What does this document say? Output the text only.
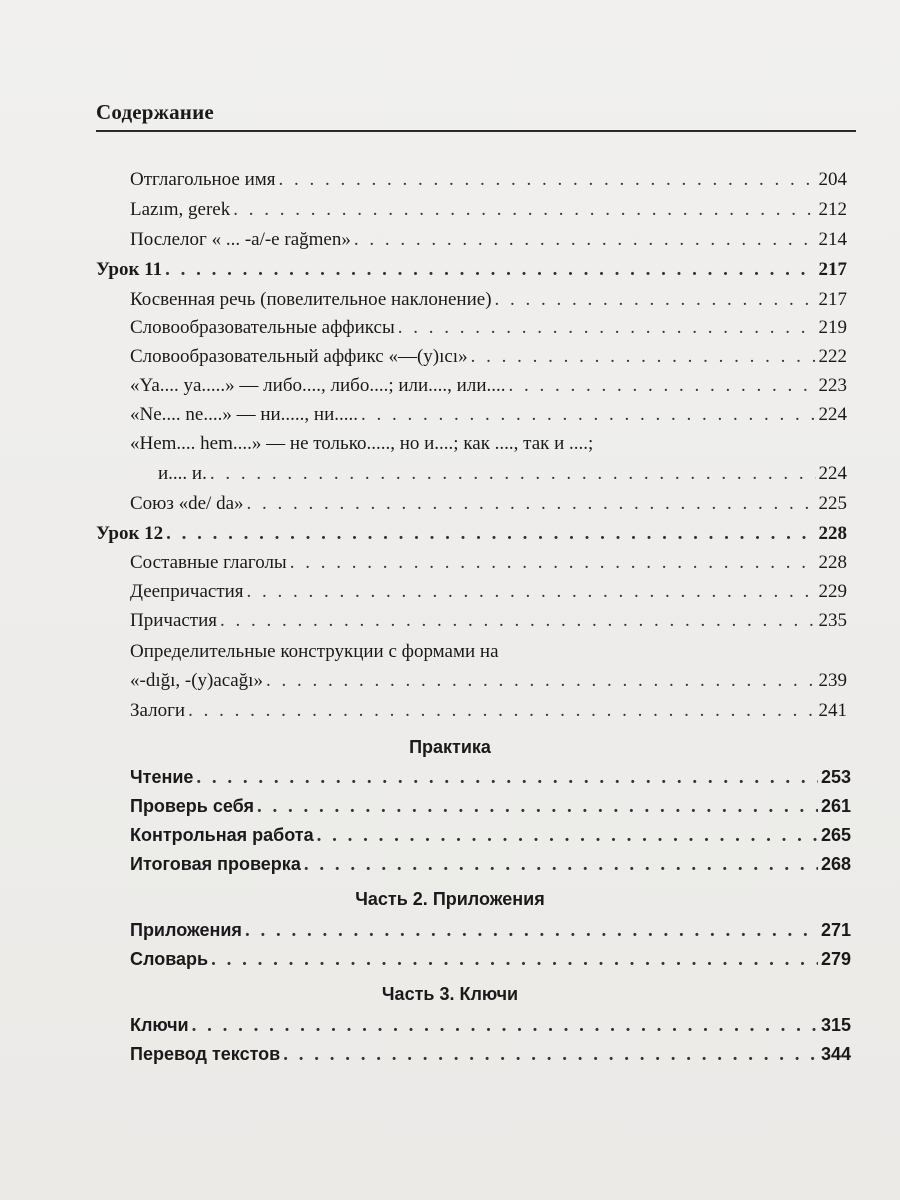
Содержание
Отглагольное имя . . .	204
Lazım, gerek . . .	212
Послелог « ... -a/-e rağmen» . . .	214
Урок 11 . . .	217
Косвенная речь (повелительное наклонение) . . .	217
Словообразовательные аффиксы . . .	219
Словообразовательный аффикс «—(y)ıcı» . . .	222
«Ya.... ya.....» — либо...., либо....; или...., или.... . . .	223
«Ne.... ne....» — ни....., ни..... . . .	224
«Hem.... hem....» — не только....., но и....; как ...., так и ....;
и.... и. . . .	224
Союз «de/ da» . . .	225
Урок 12 . . .	228
Составные глаголы . . .	228
Деепричастия . . .	229
Причастия . . .	235
Определительные конструкции с формами на
«-dığı, -(y)acağı» . . .	239
Залоги . . .	241
Практика
Чтение . . .	253
Проверь себя . . .	261
Контрольная работа . . .	265
Итоговая проверка . . .	268
Часть 2. Приложения
Приложения . . .	271
Словарь . . .	279
Часть 3. Ключи
Ключи . . .	315
Перевод текстов . . .	344
